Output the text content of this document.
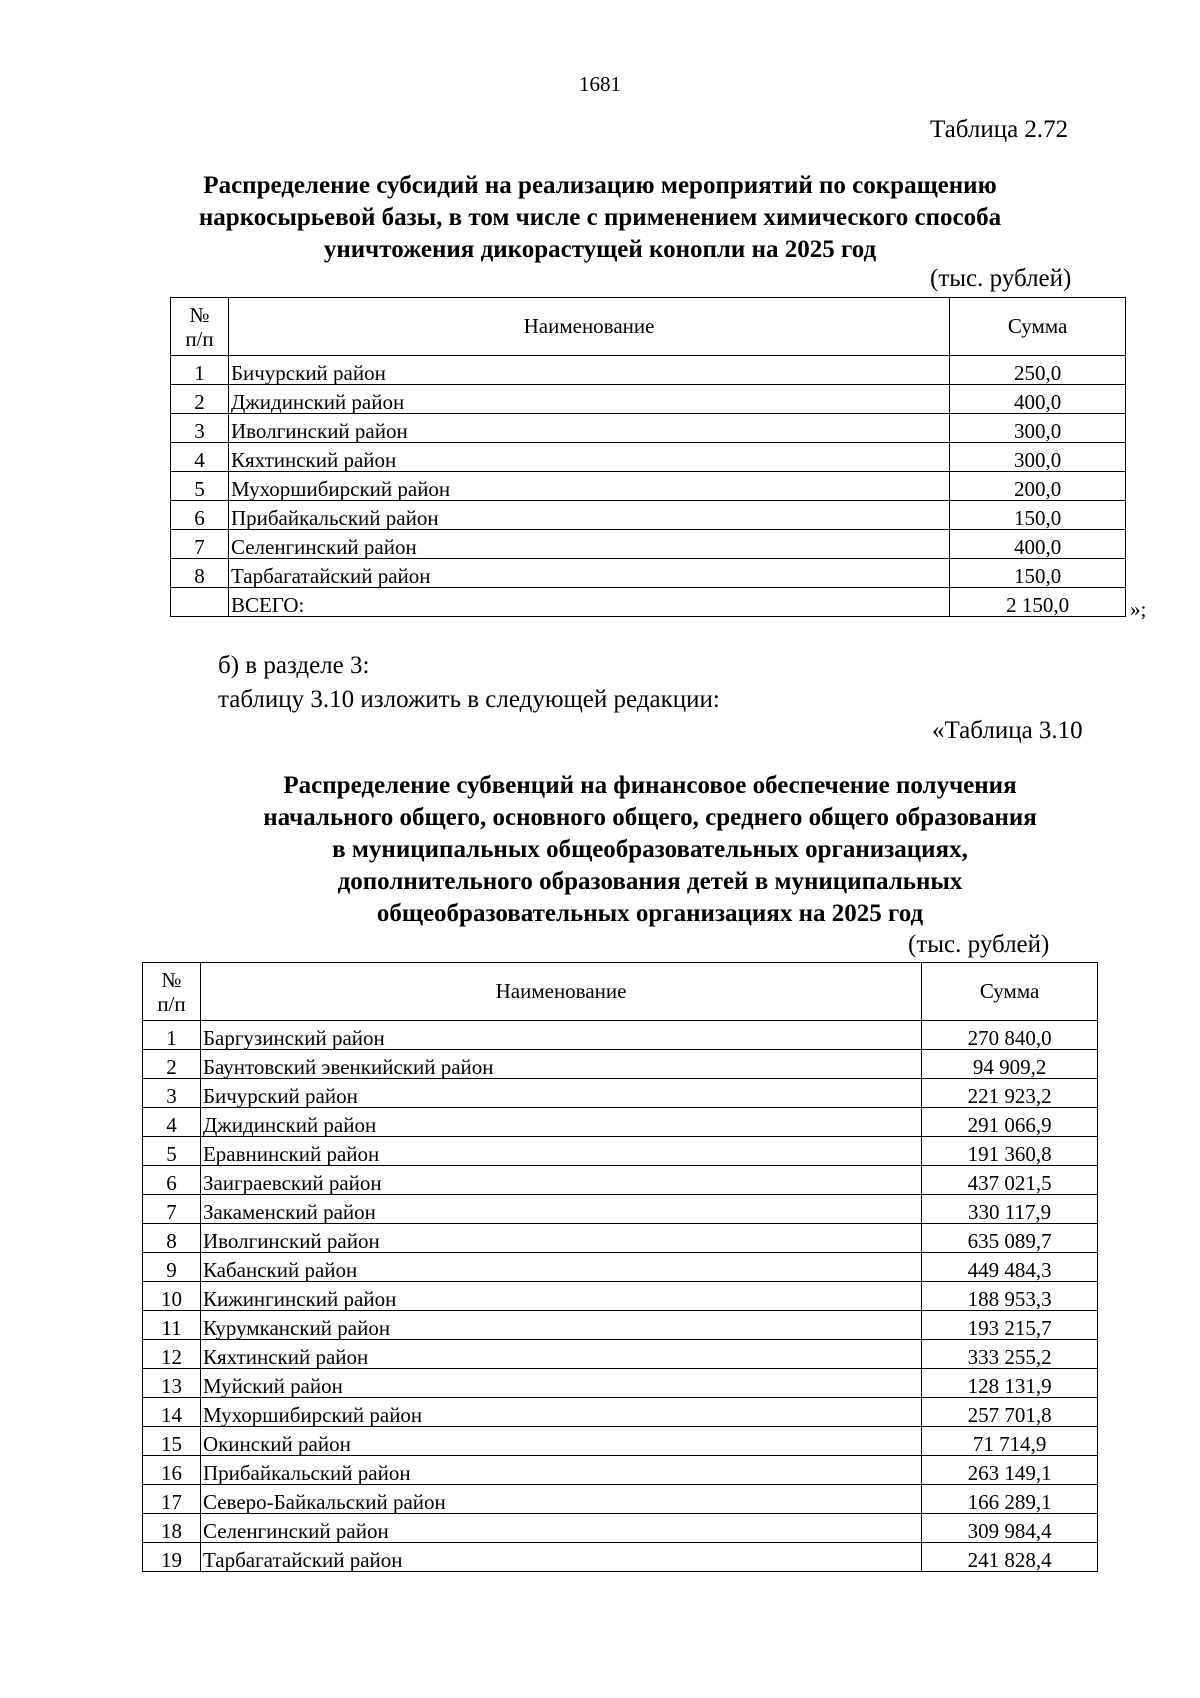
1681
Таблица 2.72
Распределение субсидий на реализацию мероприятий по сокращению
наркосырьевой базы, в том числе с применением химического способа
уничтожения дикорастущей конопли на 2025 год
(тыс. рублей)
№
п/п	Наименование	Сумма
1	Бичурский район	250,0
2	Джидинский район	400,0
3	Иволгинский район	300,0
4	Кяхтинский район	300,0
5	Мухоршибирский район	200,0
6	Прибайкальский район	150,0
7	Селенгинский район	400,0
8	Тарбагатайский район	150,0
	ВСЕГО:	2 150,0	»;
б) в разделе 3:
таблицу 3.10 изложить в следующей редакции:
«Таблица 3.10
Распределение субвенций на финансовое обеспечение получения
начального общего, основного общего, среднего общего образования
в муниципальных общеобразовательных организациях,
дополнительного образования детей в муниципальных
общеобразовательных организациях на 2025 год
(тыс. рублей)
№
п/п	Наименование	Сумма
1	Баргузинский район	270 840,0
2	Баунтовский эвенкийский район	94 909,2
3	Бичурский район	221 923,2
4	Джидинский район	291 066,9
5	Еравнинский район	191 360,8
6	Заиграевский район	437 021,5
7	Закаменский район	330 117,9
8	Иволгинский район	635 089,7
9	Кабанский район	449 484,3
10	Кижингинский район	188 953,3
11	Курумканский район	193 215,7
12	Кяхтинский район	333 255,2
13	Муйский район	128 131,9
14	Мухоршибирский район	257 701,8
15	Окинский район	71 714,9
16	Прибайкальский район	263 149,1
17	Северо-Байкальский район	166 289,1
18	Селенгинский район	309 984,4
19	Тарбагатайский район	241 828,4
